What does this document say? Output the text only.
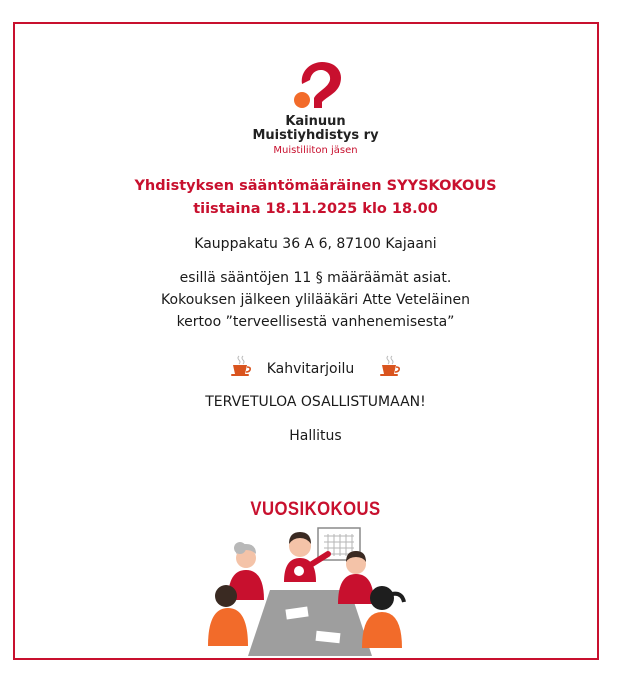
Kainuun
Muistiyhdistys ry
Muistiliiton jäsen
Yhdistyksen sääntömääräinen SYYSKOKOUS
tiistaina 18.11.2025 klo 18.00
Kauppakatu 36 A 6, 87100 Kajaani
esillä sääntöjen 11 § määräämät asiat.
Kokouksen jälkeen ylilääkäri Atte Veteläinen
kertoo ”terveellisestä vanhenemisesta”
Kahvitarjoilu
TERVETULOA OSALLISTUMAAN!
Hallitus
VUOSIKOKOUS
